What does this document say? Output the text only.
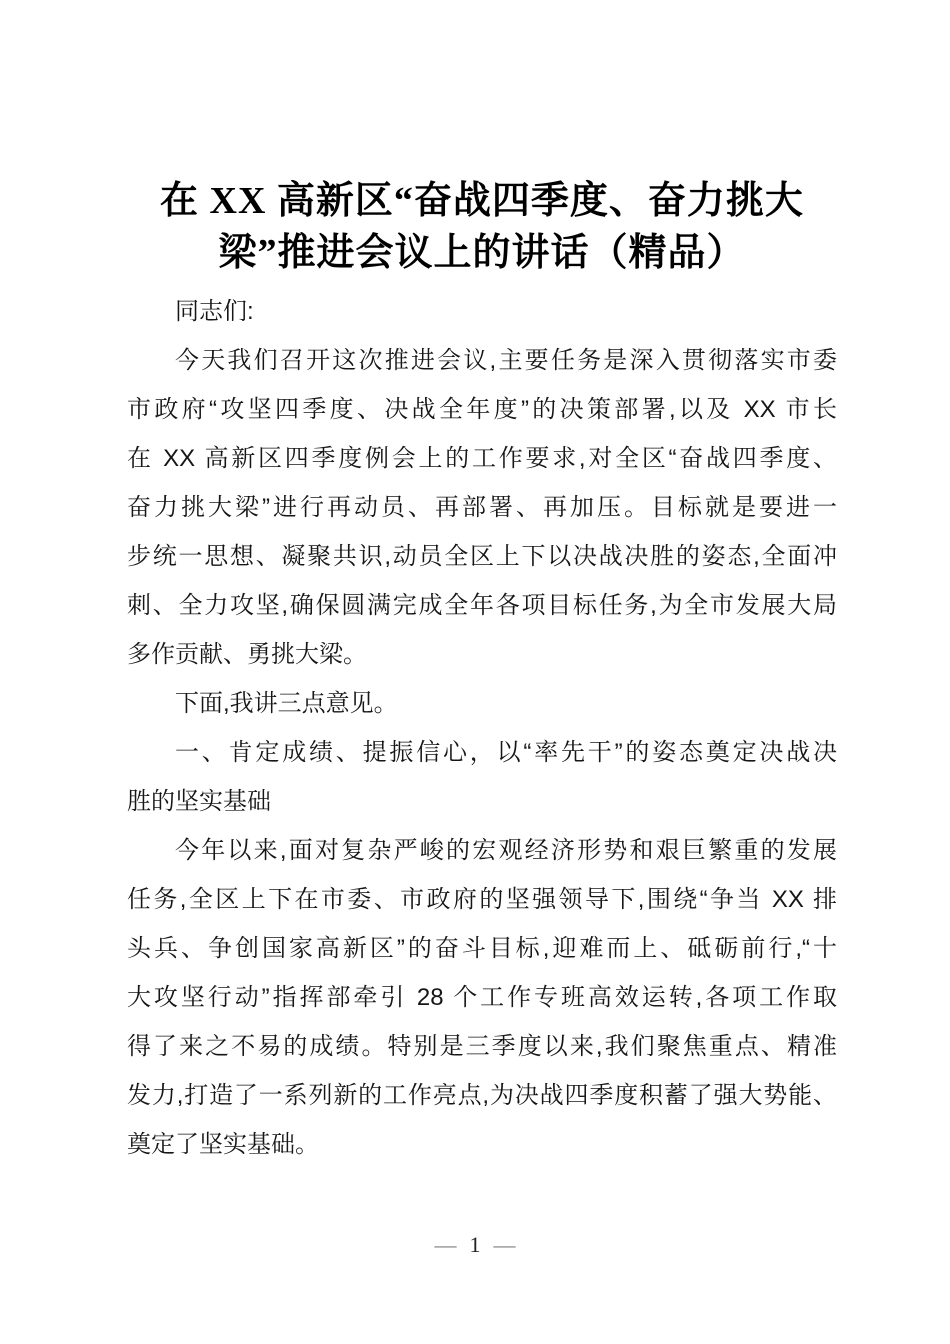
在 XX 高新区“奋战四季度、奋力挑大
梁”推进会议上的讲话（精品）
同志们:
今天我们召开这次推进会议,主要任务是深入贯彻落实市委
市政府“攻坚四季度、决战全年度”的决策部署,以及 XX 市长
在 XX 高新区四季度例会上的工作要求,对全区“奋战四季度、
奋力挑大梁”进行再动员、再部署、再加压。目标就是要进一
步统一思想、凝聚共识,动员全区上下以决战决胜的姿态,全面冲
刺、全力攻坚,确保圆满完成全年各项目标任务,为全市发展大局
多作贡献、勇挑大梁。
下面,我讲三点意见。
一、肯定成绩、提振信心，以“率先干”的姿态奠定决战决
胜的坚实基础
今年以来,面对复杂严峻的宏观经济形势和艰巨繁重的发展
任务,全区上下在市委、市政府的坚强领导下,围绕“争当 XX 排
头兵、争创国家高新区”的奋斗目标,迎难而上、砥砺前行,“十
大攻坚行动”指挥部牵引 28 个工作专班高效运转,各项工作取
得了来之不易的成绩。特别是三季度以来,我们聚焦重点、精准
发力,打造了一系列新的工作亮点,为决战四季度积蓄了强大势能、
奠定了坚实基础。
— 1 —
